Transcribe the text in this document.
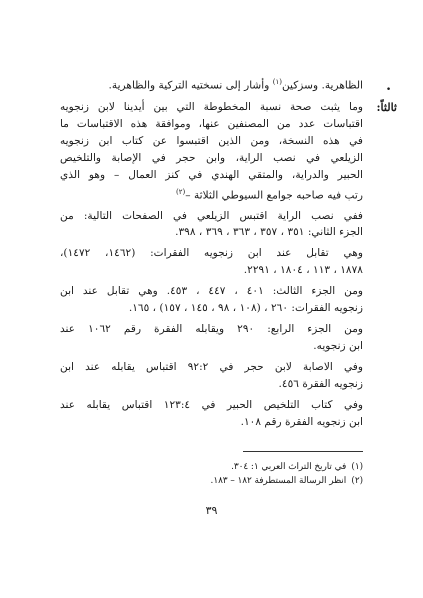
الظاهرية. وسزكين$^{(١)}$ وأشار إلى نسختيه التركية والظاهرية.	.
ثالثاً:
وما يثبت صحة نسبة المخطوطة التي بين أيدينا لابن زنجويه
اقتباسات عدد من المصنفين عنها، وموافقة هذه الاقتباسات ما
في هذه النسخة، ومن الذين اقتبسوا عن كتاب ابن زنجويه
الزيلعي في نصب الراية، وابن حجر في الإصابة والتلخيص
الحبير والدراية، والمتقي الهندي في كنز العمال – وهو الذي
رتب فيه صاحبه جوامع السيوطي الثلاثة –$^{(٢)}$
ففي نصب الراية اقتبس الزيلعي في الصفحات التالية: من
الجزء الثاني: ٣٥١ ، ٣٥٧ ، ٣٦٣ ، ٣٦٩ ، ٣٩٨.
وهي تقابل عند ابن زنجويه الفقرات: (١٤٦٢، ١٤٧٢)،
١٨٧٨ ، ١١٣ ، ١٨٠٤ ، ٢٢٩١.
ومن الجزء الثالث: ٤٠١ ، ٤٤٧ ، ٤٥٣. وهي تقابل عند ابن
زنجويه الفقرات: ٢٦٠ ، (١٠٨ ، ٩٨ ، ١٤٥ ، ١٥٧) ، ١٦٥.
ومن الجزء الرابع: ٢٩٠ ويقابله الفقرة رقم ١٠٦٢ عند
ابن زنجويه.
وفي الاصابة لابن حجر في ٩٢:٢ اقتباس يقابله عند ابن
زنجويه الفقرة ٤٥٦.
وفي كتاب التلخيص الحبير في ١٢٣:٤ اقتباس يقابله عند
ابن زنجويه الفقرة رقم ١٠٨.
(١) في تاريخ التراث العربي ١: ٣٠٤.
(٢) انظر الرسالة المستطرفة ١٨٢ – ١٨٣.
٣٩
